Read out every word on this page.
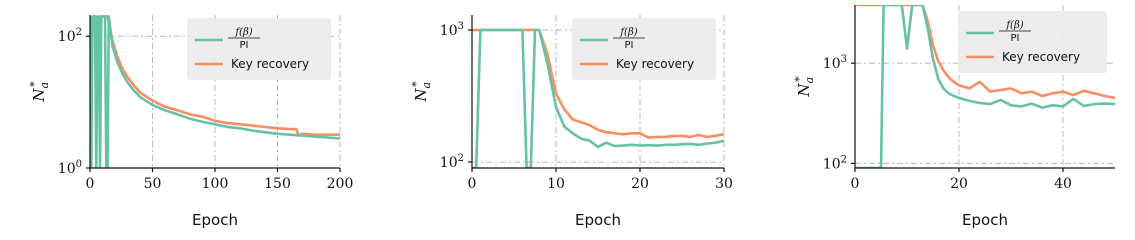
0	50	100	150	200
$10^0$
$10^2$
Epoch
$N_a*$
f(β)
PI
Key recovery
0	10	20	30
$10^2$
$10^3$
Epoch
$N_a*$
f(β)
PI
Key recovery
0	20	40
$10^2$
$10^3$
Epoch
$N_a*$
f(β)
PI
Key recovery
